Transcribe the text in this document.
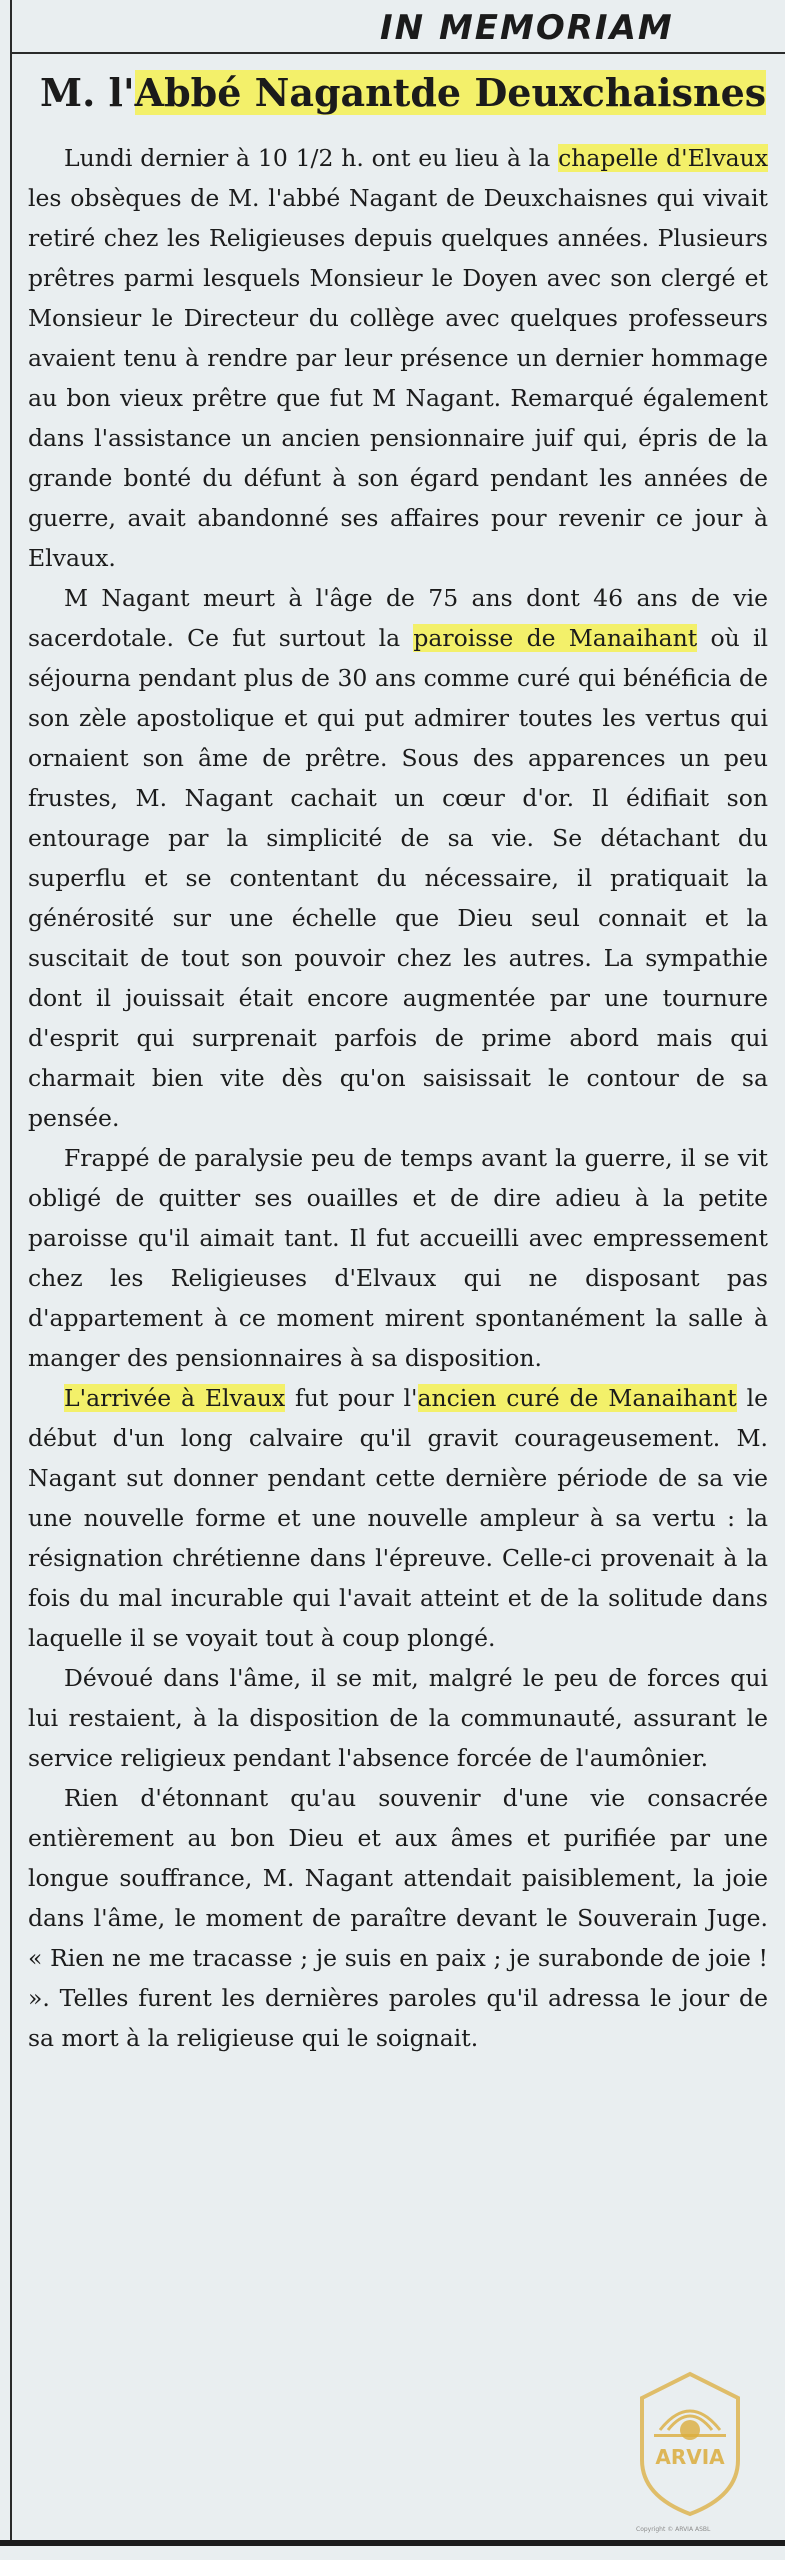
IN MEMORIAM
M. l'Abbé Nagantde Deuxchaisnes

Lundi dernier à 10 1/2 h. ont eu lieu à la chapelle d'Elvaux les obsèques de M. l'abbé Nagant de Deuxchaisnes qui vivait retiré chez les Religieuses depuis quelques années. Plusieurs prêtres parmi lesquels Monsieur le Doyen avec son clergé et Monsieur le Directeur du collège avec quelques professeurs avaient tenu à rendre par leur présence un dernier hommage au bon vieux prêtre que fut M Nagant. Remarqué également dans l'assistance un ancien pensionnaire juif qui, épris de la grande bonté du défunt à son égard pendant les années de guerre, avait abandonné ses affaires pour revenir ce jour à Elvaux.

M Nagant meurt à l'âge de 75 ans dont 46 ans de vie sacerdotale. Ce fut surtout la paroisse de Manaihant où il séjourna pendant plus de 30 ans comme curé qui bénéficia de son zèle apostolique et qui put admirer toutes les vertus qui ornaient son âme de prêtre. Sous des apparences un peu frustes, M. Nagant cachait un cœur d'or. Il édifiait son entourage par la simplicité de sa vie. Se détachant du superflu et se contentant du nécessaire, il pratiquait la générosité sur une échelle que Dieu seul connait et la suscitait de tout son pouvoir chez les autres. La sympathie dont il jouissait était encore augmentée par une tournure d'esprit qui surprenait parfois de prime abord mais qui charmait bien vite dès qu'on saisissait le contour de sa pensée.

Frappé de paralysie peu de temps avant la guerre, il se vit obligé de quitter ses ouailles et de dire adieu à la petite paroisse qu'il aimait tant. Il fut accueilli avec empressement chez les Religieuses d'Elvaux qui ne disposant pas d'appartement à ce moment mirent spontanément la salle à manger des pensionnaires à sa disposition.

L'arrivée à Elvaux fut pour l'ancien curé de Manaihant le début d'un long calvaire qu'il gravit courageusement. M. Nagant sut donner pendant cette dernière période de sa vie une nouvelle forme et une nouvelle ampleur à sa vertu : la résignation chrétienne dans l'épreuve. Celle-ci provenait à la fois du mal incurable qui l'avait atteint et de la solitude dans laquelle il se voyait tout à coup plongé.

Dévoué dans l'âme, il se mit, malgré le peu de forces qui lui restaient, à la disposition de la communauté, assurant le service religieux pendant l'absence forcée de l'aumônier.

Rien d'étonnant qu'au souvenir d'une vie consacrée entièrement au bon Dieu et aux âmes et purifiée par une longue souffrance, M. Nagant attendait paisiblement, la joie dans l'âme, le moment de paraître devant le Souverain Juge. « Rien ne me tracasse ; je suis en paix ; je surabonde de joie ! ». Telles furent les dernières paroles qu'il adressa le jour de sa mort à la religieuse qui le soignait.

ARVIA
Copyright © ARVIA ASBL
